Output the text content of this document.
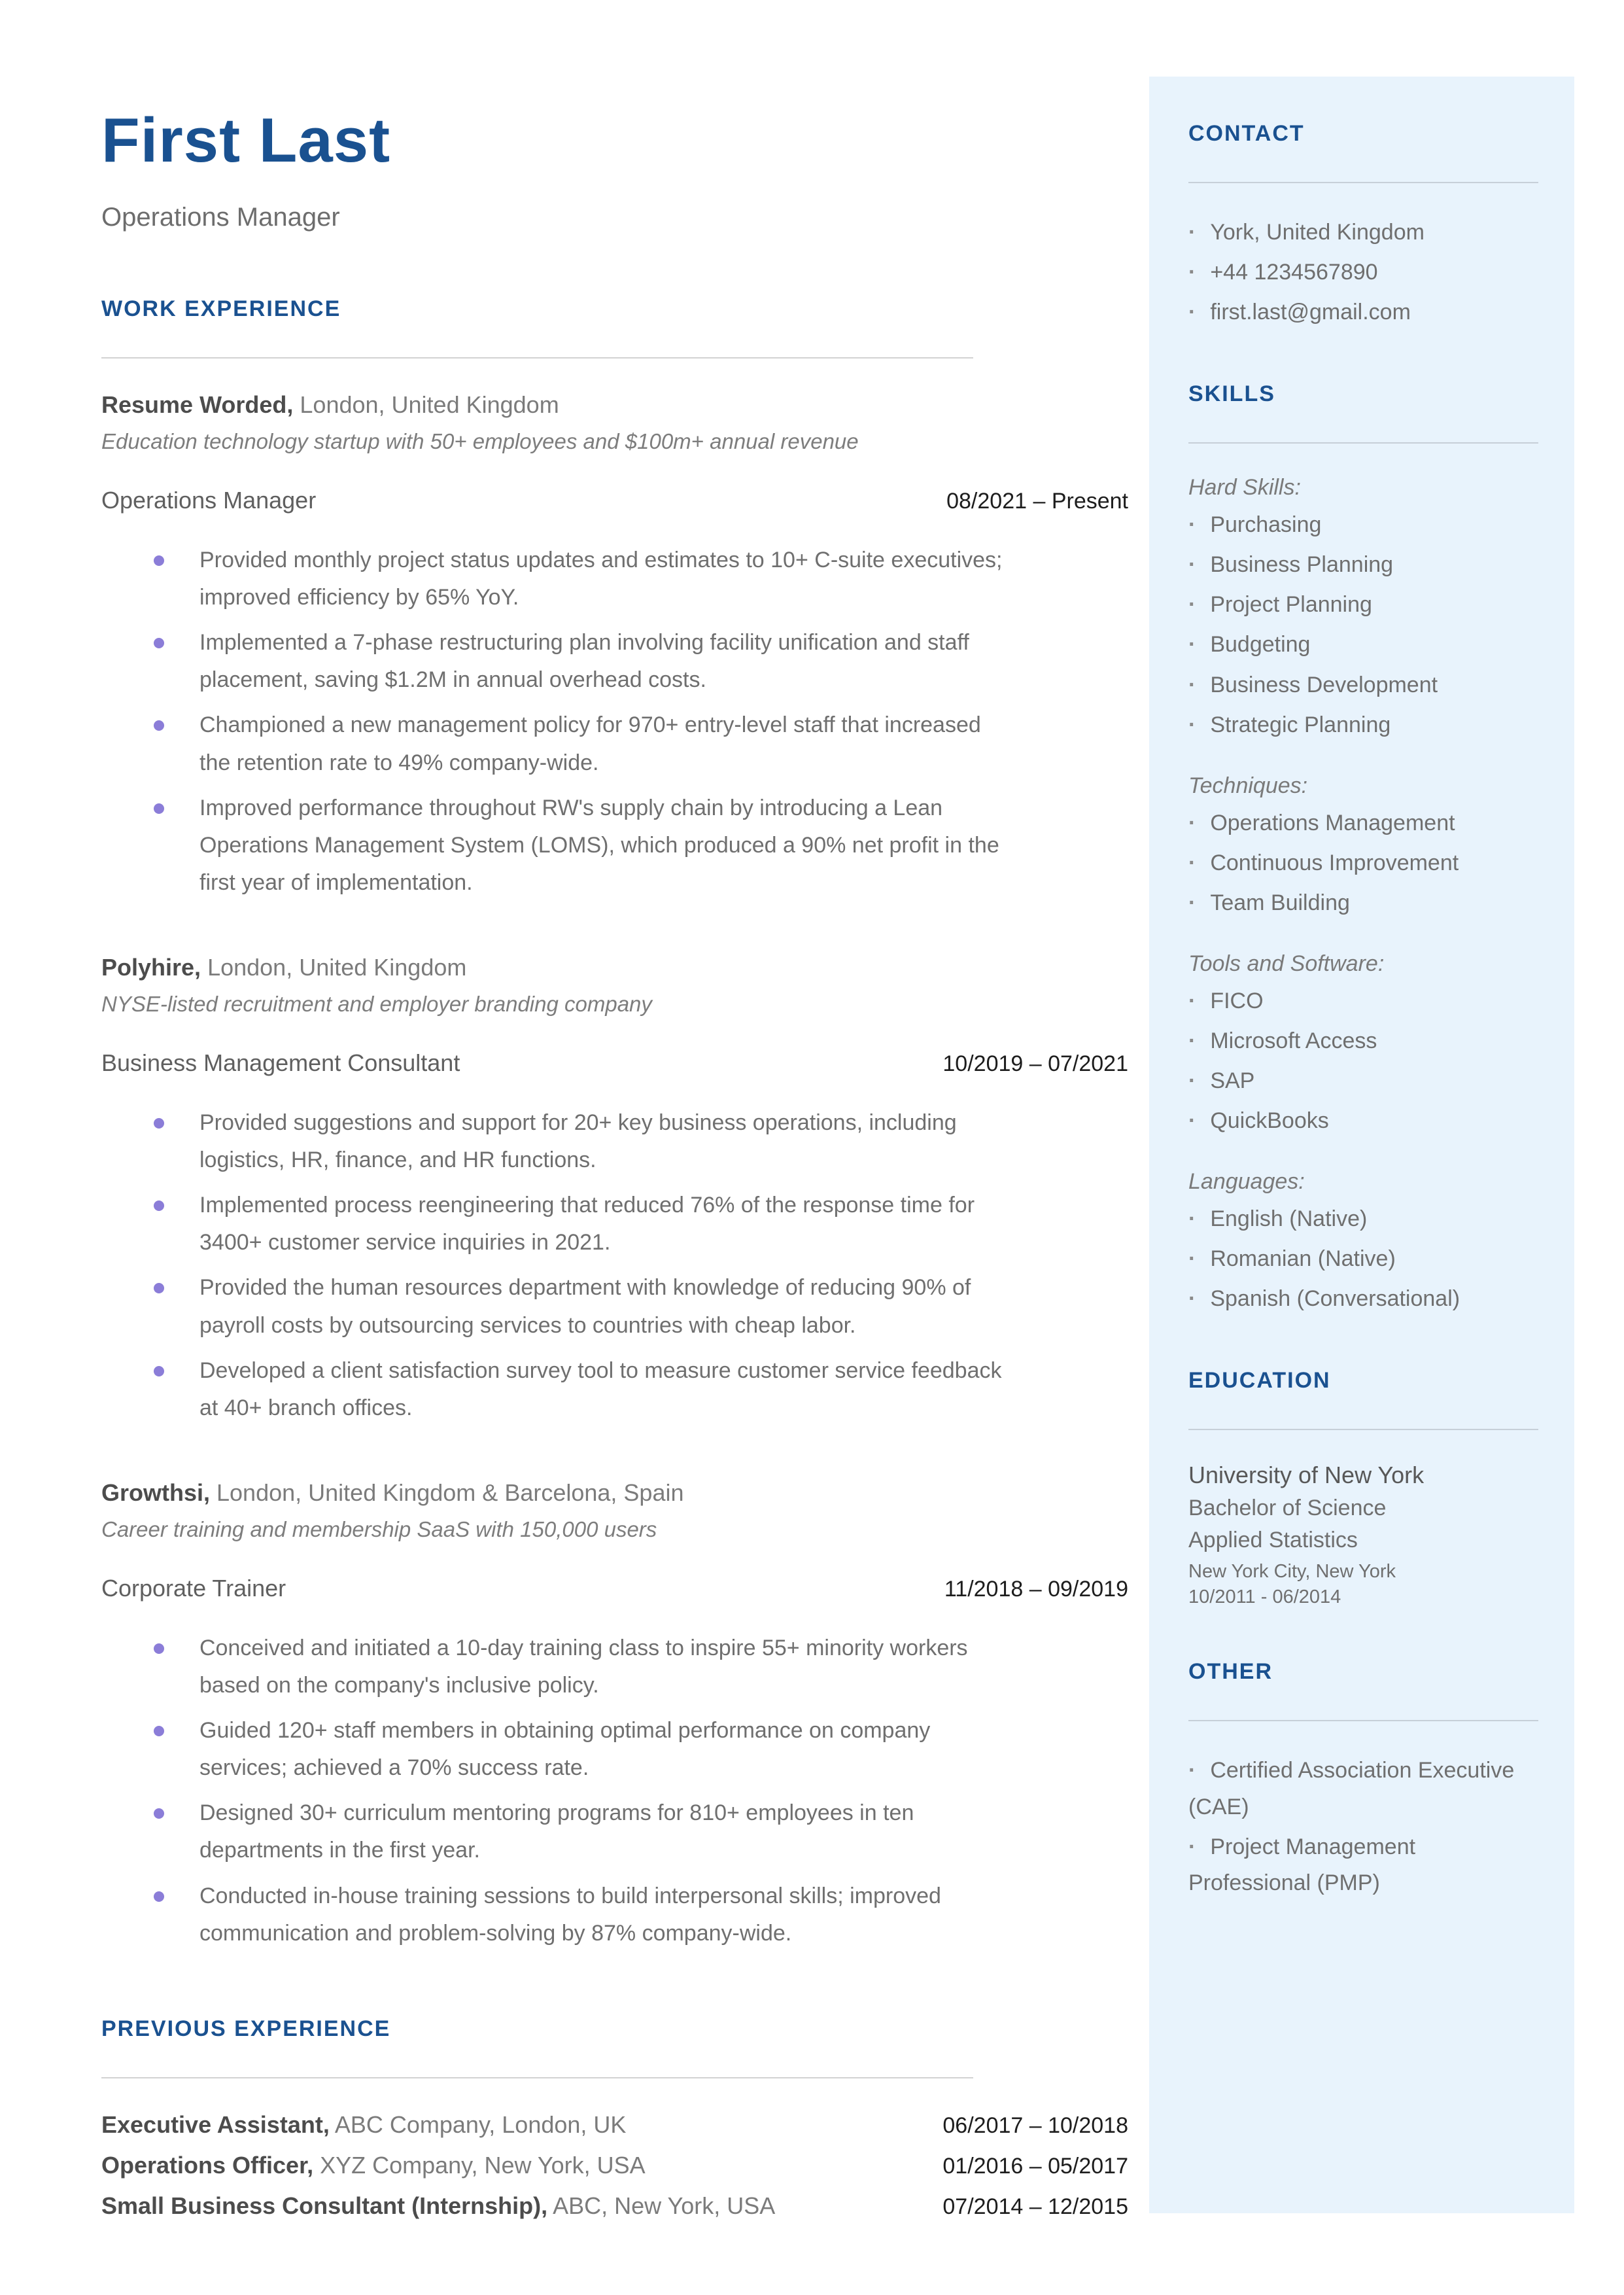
First Last
Operations Manager
WORK EXPERIENCE
Resume Worded, London, United Kingdom
Education technology startup with 50+ employees and $100m+ annual revenue
Operations Manager	08/2021 – Present
Provided monthly project status updates and estimates to 10+ C-suite executives; improved efficiency by 65% YoY.
Implemented a 7-phase restructuring plan involving facility unification and staff placement, saving $1.2M in annual overhead costs.
Championed a new management policy for 970+ entry-level staff that increased the retention rate to 49% company-wide.
Improved performance throughout RW's supply chain by introducing a Lean Operations Management System (LOMS), which produced a 90% net profit in the first year of implementation.
Polyhire, London, United Kingdom
NYSE-listed recruitment and employer branding company
Business Management Consultant	10/2019 – 07/2021
Provided suggestions and support for 20+ key business operations, including logistics, HR, finance, and HR functions.
Implemented process reengineering that reduced 76% of the response time for 3400+ customer service inquiries in 2021.
Provided the human resources department with knowledge of reducing 90% of payroll costs by outsourcing services to countries with cheap labor.
Developed a client satisfaction survey tool to measure customer service feedback at 40+ branch offices.
Growthsi, London, United Kingdom & Barcelona, Spain
Career training and membership SaaS with 150,000 users
Corporate Trainer	11/2018 – 09/2019
Conceived and initiated a 10-day training class to inspire 55+ minority workers based on the company's inclusive policy.
Guided 120+ staff members in obtaining optimal performance on company services; achieved a 70% success rate.
Designed 30+ curriculum mentoring programs for 810+ employees in ten departments in the first year.
Conducted in-house training sessions to build interpersonal skills; improved communication and problem-solving by 87% company-wide.
PREVIOUS EXPERIENCE
Executive Assistant, ABC Company, London, UK	06/2017 – 10/2018
Operations Officer, XYZ Company, New York, USA	01/2016 – 05/2017
Small Business Consultant (Internship), ABC, New York, USA	07/2014 – 12/2015
CONTACT
· York, United Kingdom
· +44 1234567890
· first.last@gmail.com
SKILLS
Hard Skills:
· Purchasing
· Business Planning
· Project Planning
· Budgeting
· Business Development
· Strategic Planning
Techniques:
· Operations Management
· Continuous Improvement
· Team Building
Tools and Software:
· FICO
· Microsoft Access
· SAP
· QuickBooks
Languages:
· English (Native)
· Romanian (Native)
· Spanish (Conversational)
EDUCATION
University of New York
Bachelor of Science
Applied Statistics
New York City, New York
10/2011 - 06/2014
OTHER
· Certified Association Executive (CAE)
· Project Management Professional (PMP)
